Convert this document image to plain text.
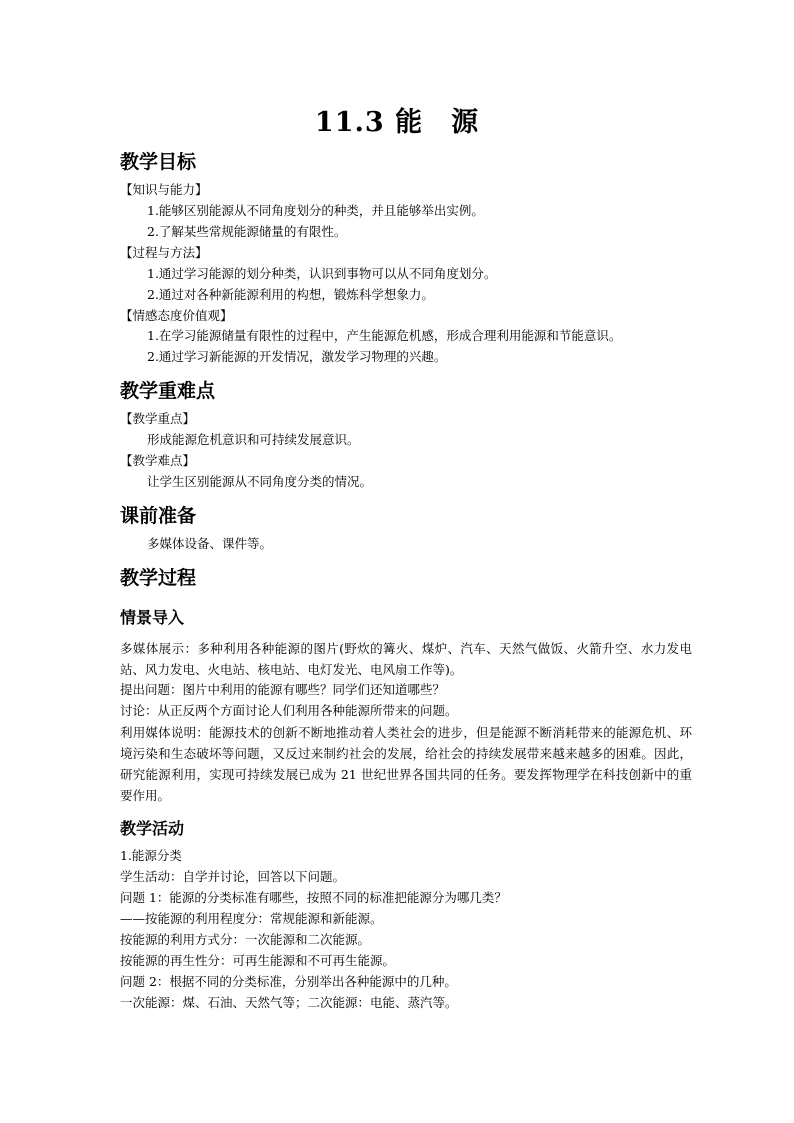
11.3 能　源
教学目标
【知识与能力】
1.能够区别能源从不同角度划分的种类，并且能够举出实例。
2.了解某些常规能源储量的有限性。
【过程与方法】
1.通过学习能源的划分种类，认识到事物可以从不同角度划分。
2.通过对各种新能源利用的构想，锻炼科学想象力。
【情感态度价值观】
1.在学习能源储量有限性的过程中，产生能源危机感，形成合理利用能源和节能意识。
2.通过学习新能源的开发情况，激发学习物理的兴趣。
教学重难点
【教学重点】
形成能源危机意识和可持续发展意识。
【教学难点】
让学生区别能源从不同角度分类的情况。
课前准备
多媒体设备、课件等。
教学过程
情景导入
多媒体展示：多种利用各种能源的图片(野炊的篝火、煤炉、汽车、天然气做饭、火箭升空、水力发电站、风力发电、火电站、核电站、电灯发光、电风扇工作等)。
提出问题：图片中利用的能源有哪些？同学们还知道哪些？
讨论：从正反两个方面讨论人们利用各种能源所带来的问题。
利用媒体说明：能源技术的创新不断地推动着人类社会的进步，但是能源不断消耗带来的能源危机、环境污染和生态破坏等问题，又反过来制约社会的发展，给社会的持续发展带来越来越多的困难。因此，研究能源利用，实现可持续发展已成为 21 世纪世界各国共同的任务。要发挥物理学在科技创新中的重要作用。
教学活动
1.能源分类
学生活动：自学并讨论，回答以下问题。
问题 1：能源的分类标准有哪些，按照不同的标准把能源分为哪几类？
——按能源的利用程度分：常规能源和新能源。
按能源的利用方式分：一次能源和二次能源。
按能源的再生性分：可再生能源和不可再生能源。
问题 2：根据不同的分类标准，分别举出各种能源中的几种。
一次能源：煤、石油、天然气等；二次能源：电能、蒸汽等。
